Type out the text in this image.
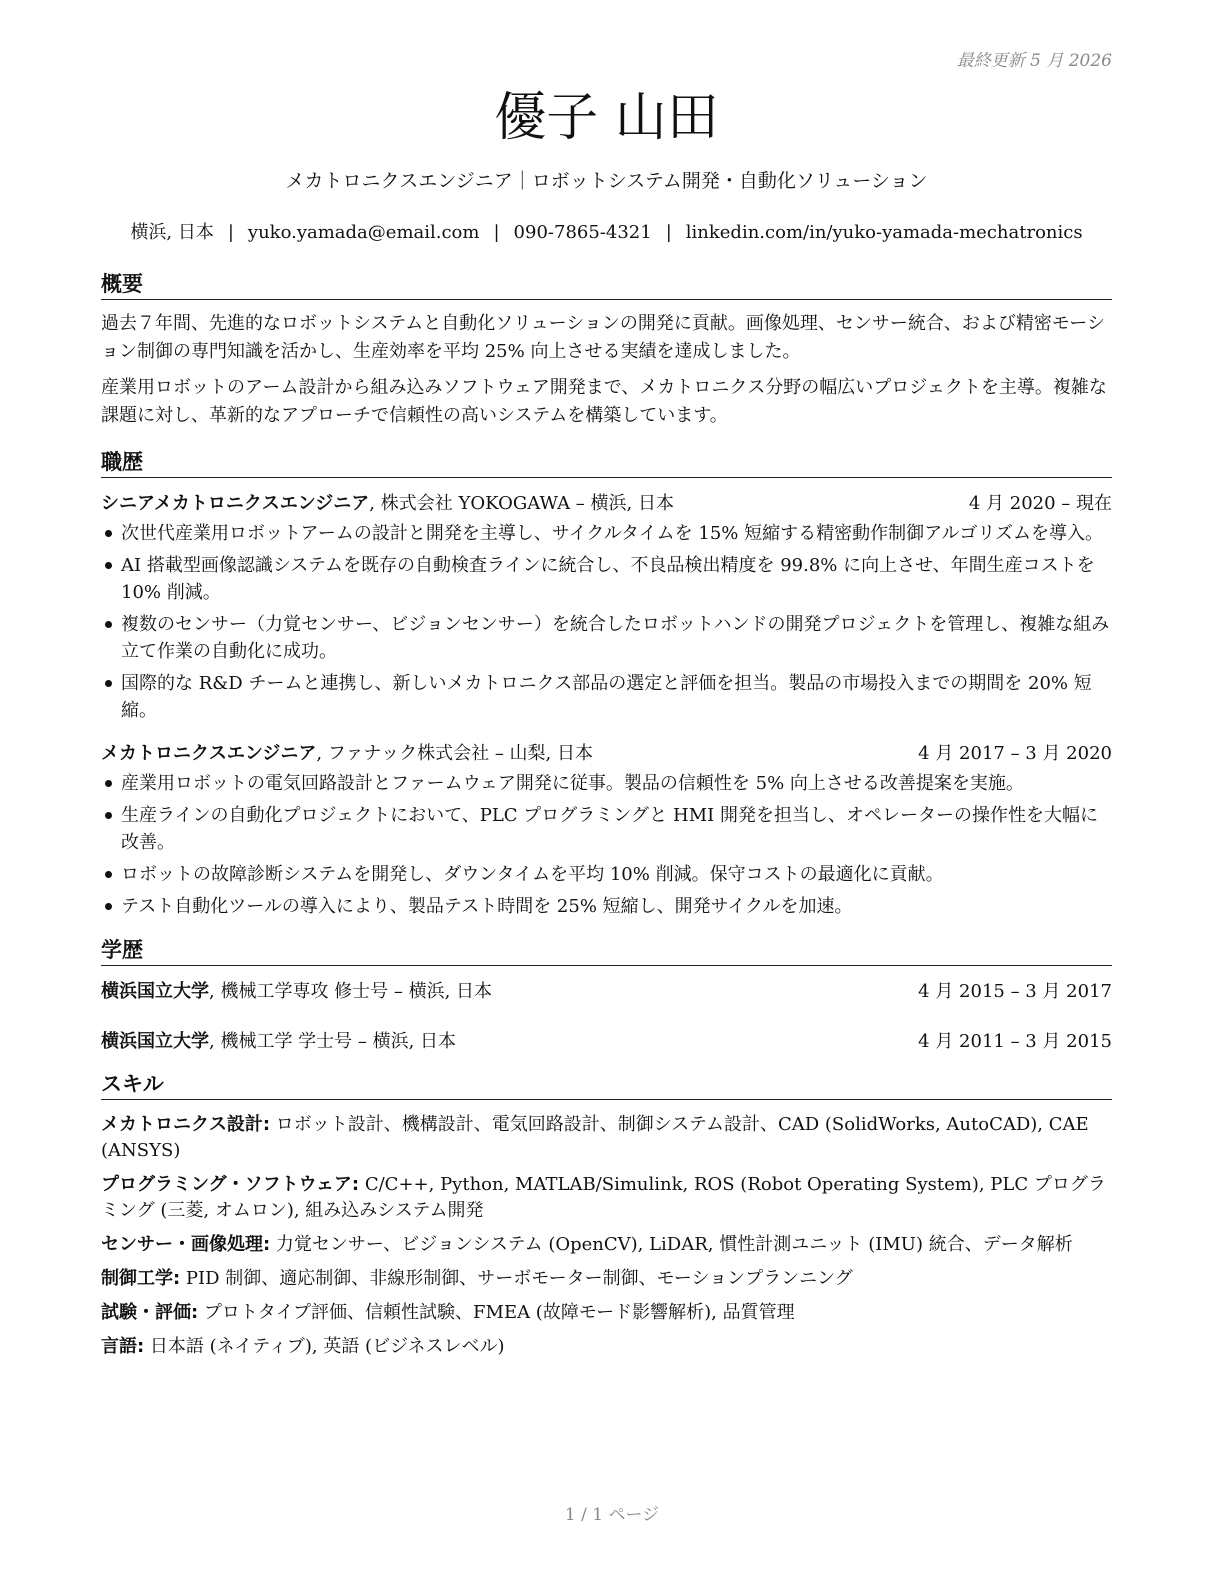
最終更新 5 月 2026
優子 山田
メカトロニクスエンジニア｜ロボットシステム開発・自動化ソリューション
横浜, 日本 | yuko.yamada@email.com | 090-7865-4321 | linkedin.com/in/yuko-yamada-mechatronics
概要

過去７年間、先進的なロボットシステムと自動化ソリューションの開発に貢献。画像処理、センサー統合、および精密モーション制御の専門知識を活かし、生産効率を平均 25% 向上させる実績を達成しました。

産業用ロボットのアーム設計から組み込みソフトウェア開発まで、メカトロニクス分野の幅広いプロジェクトを主導。複雑な課題に対し、革新的なアプローチで信頼性の高いシステムを構築しています。

職歴
シニアメカトロニクスエンジニア, 株式会社 YOKOGAWA – 横浜, 日本	4 月 2020 – 現在
次世代産業用ロボットアームの設計と開発を主導し、サイクルタイムを 15% 短縮する精密動作制御アルゴリズムを導入。
AI 搭載型画像認識システムを既存の自動検査ラインに統合し、不良品検出精度を 99.8% に向上させ、年間生産コストを 10% 削減。
複数のセンサー（力覚センサー、ビジョンセンサー）を統合したロボットハンドの開発プロジェクトを管理し、複雑な組み立て作業の自動化に成功。
国際的な R&D チームと連携し、新しいメカトロニクス部品の選定と評価を担当。製品の市場投入までの期間を 20% 短縮。
メカトロニクスエンジニア, ファナック株式会社 – 山梨, 日本	4 月 2017 – 3 月 2020
産業用ロボットの電気回路設計とファームウェア開発に従事。製品の信頼性を 5% 向上させる改善提案を実施。
生産ラインの自動化プロジェクトにおいて、PLC プログラミングと HMI 開発を担当し、オペレーターの操作性を大幅に改善。
ロボットの故障診断システムを開発し、ダウンタイムを平均 10% 削減。保守コストの最適化に貢献。
テスト自動化ツールの導入により、製品テスト時間を 25% 短縮し、開発サイクルを加速。
学歴
横浜国立大学, 機械工学専攻 修士号 – 横浜, 日本	4 月 2015 – 3 月 2017
横浜国立大学, 機械工学 学士号 – 横浜, 日本	4 月 2011 – 3 月 2015
スキル
メカトロニクス設計: ロボット設計、機構設計、電気回路設計、制御システム設計、CAD (SolidWorks, AutoCAD), CAE (ANSYS)
プログラミング・ソフトウェア: C/C++, Python, MATLAB/Simulink, ROS (Robot Operating System), PLC プログラミング (三菱, オムロン), 組み込みシステム開発
センサー・画像処理: 力覚センサー、ビジョンシステム (OpenCV), LiDAR, 慣性計測ユニット (IMU) 統合、データ解析
制御工学: PID 制御、適応制御、非線形制御、サーボモーター制御、モーションプランニング
試験・評価: プロトタイプ評価、信頼性試験、FMEA (故障モード影響解析), 品質管理
言語: 日本語 (ネイティブ), 英語 (ビジネスレベル)
1 / 1 ページ
